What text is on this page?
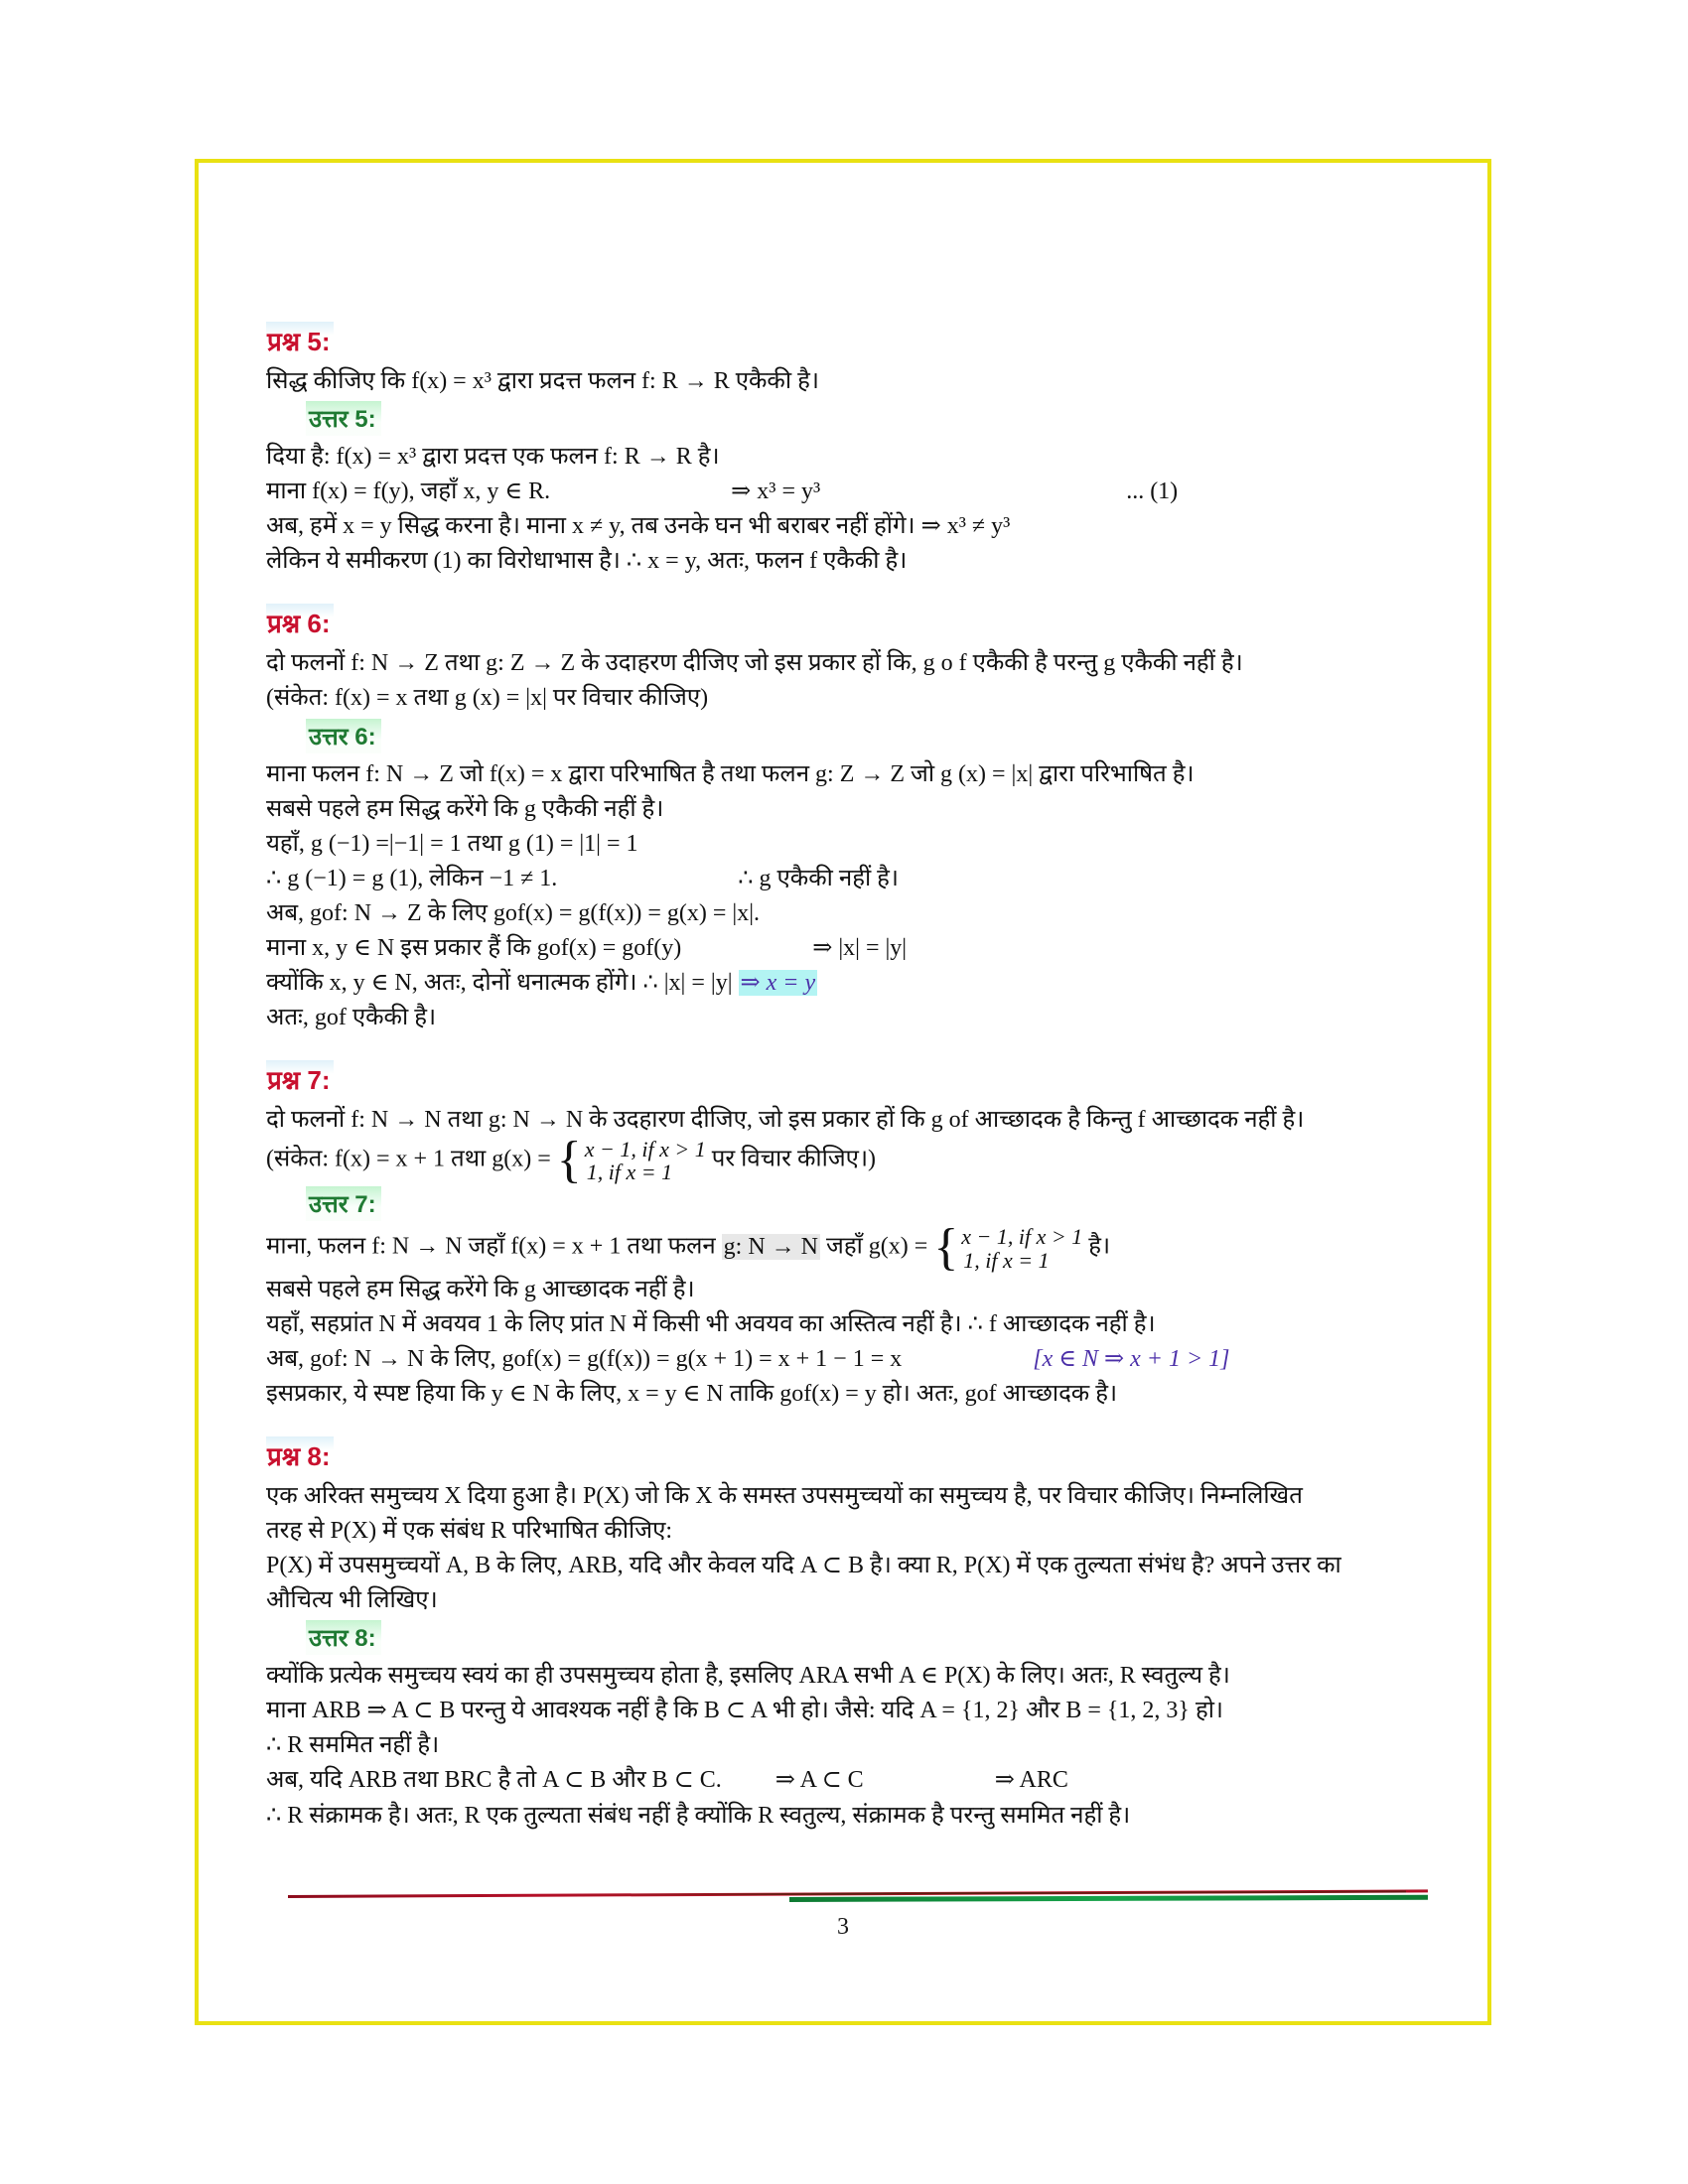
प्रश्न 5:
सिद्ध कीजिए कि f(x) = x³ द्वारा प्रदत्त फलन f: R → R एकैकी है।
उत्तर 5:
दिया है: f(x) = x³ द्वारा प्रदत्त एक फलन f: R → R है।
माना f(x) = f(y), जहाँ x, y ∈ R.	⇒ x³ = y³	... (1)
अब, हमें x = y सिद्ध करना है। माना x ≠ y, तब उनके घन भी बराबर नहीं होंगे। ⇒ x³ ≠ y³
लेकिन ये समीकरण (1) का विरोधाभास है। ∴ x = y, अतः, फलन f एकैकी है।
प्रश्न 6:
दो फलनों f: N → Z तथा g: Z → Z के उदाहरण दीजिए जो इस प्रकार हों कि, g o f एकैकी है परन्तु g एकैकी नहीं है।
(संकेत: f(x) = x तथा g (x) = |x| पर विचार कीजिए)
उत्तर 6:
माना फलन f: N → Z जो f(x) = x द्वारा परिभाषित है तथा फलन g: Z → Z जो g (x) = |x| द्वारा परिभाषित है।
सबसे पहले हम सिद्ध करेंगे कि g एकैकी नहीं है।
यहाँ, g (−1) =|−1| = 1 तथा g (1) = |1| = 1
∴ g (−1) = g (1), लेकिन −1 ≠ 1.	∴ g एकैकी नहीं है।
अब, gof: N → Z के लिए gof(x) = g(f(x)) = g(x) = |x|.
माना x, y ∈ N इस प्रकार हैं कि gof(x) = gof(y)	⇒ |x| = |y|
क्योंकि x, y ∈ N, अतः, दोनों धनात्मक होंगे। ∴ |x| = |y| ⇒ x = y
अतः, gof एकैकी है।
प्रश्न 7:
दो फलनों f: N → N तथा g: N → N के उदहारण दीजिए, जो इस प्रकार हों कि g of आच्छादक है किन्तु f आच्छादक नहीं है।
(संकेत: f(x) = x + 1 तथा g(x) = { x − 1, if x > 1
1, if x = 1	पर विचार कीजिए।)
उत्तर 7:
माना, फलन f: N → N जहाँ f(x) = x + 1 तथा फलन g: N → N जहाँ g(x) = { x − 1, if x > 1
1, if x = 1	है।
सबसे पहले हम सिद्ध करेंगे कि g आच्छादक नहीं है।
यहाँ, सहप्रांत N में अवयव 1 के लिए प्रांत N में किसी भी अवयव का अस्तित्व नहीं है। ∴ f आच्छादक नहीं है।
अब, gof: N → N के लिए, gof(x) = g(f(x)) = g(x + 1) = x + 1 − 1 = x	[x ∈ N ⇒ x + 1 > 1]
इसप्रकार, ये स्पष्ट हिया कि y ∈ N के लिए, x = y ∈ N ताकि gof(x) = y हो। अतः, gof आच्छादक है।
प्रश्न 8:
एक अरिक्त समुच्चय X दिया हुआ है। P(X) जो कि X के समस्त उपसमुच्चयों का समुच्चय है, पर विचार कीजिए। निम्नलिखित
तरह से P(X) में एक संबंध R परिभाषित कीजिए:
P(X) में उपसमुच्चयों A, B के लिए, ARB, यदि और केवल यदि A ⊂ B है। क्या R, P(X) में एक तुल्यता संभंध है? अपने उत्तर का
औचित्य भी लिखिए।
उत्तर 8:
क्योंकि प्रत्येक समुच्चय स्वयं का ही उपसमुच्चय होता है, इसलिए ARA सभी A ∈ P(X) के लिए। अतः, R स्वतुल्य है।
माना ARB ⇒ A ⊂ B परन्तु ये आवश्यक नहीं है कि B ⊂ A भी हो। जैसे: यदि A = {1, 2} और B = {1, 2, 3} हो।
∴ R सममित नहीं है।
अब, यदि ARB तथा BRC है तो A ⊂ B और B ⊂ C. ⇒ A ⊂ C	⇒ ARC
∴ R संक्रामक है। अतः, R एक तुल्यता संबंध नहीं है क्योंकि R स्वतुल्य, संक्रामक है परन्तु सममित नहीं है।
3
